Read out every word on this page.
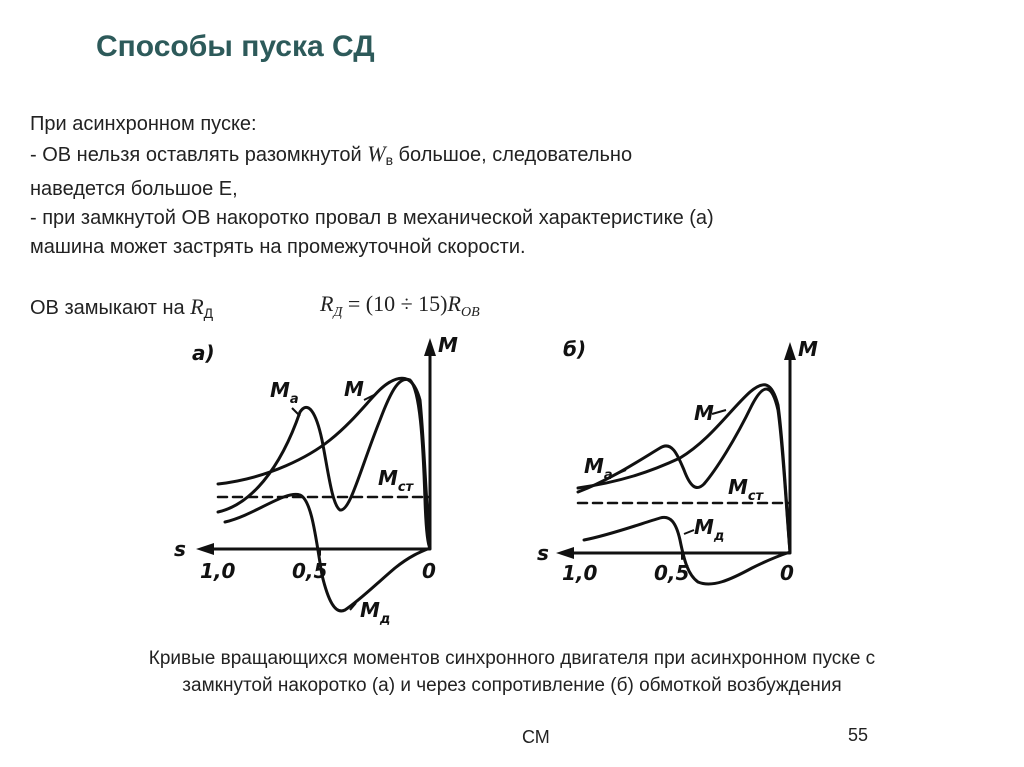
Способы пуска СД
При асинхронном пуске:
- ОВ нельзя оставлять разомкнутой $W_в$ большое, следовательно
наведется большое Е,
- при замкнутой ОВ накоротко провал в механической характеристике (а)
машина может застрять на промежуточной скорости.
ОВ замыкают на $R_Д$	$R_Д = (10 \div 15)R_{ОВ}$
а)	M
s
1,0	0,5	0
$M_а$ M
$M_{ст}$
$M_д$
б)	M
s
1,0	0,5	0
$M_а$
M
$M_{ст}$
$M_д$
Кривые вращающихся моментов синхронного двигателя при асинхронном пуске с
замкнутой накоротко (а) и через сопротивление (б) обмоткой возбуждения
СМ	55
